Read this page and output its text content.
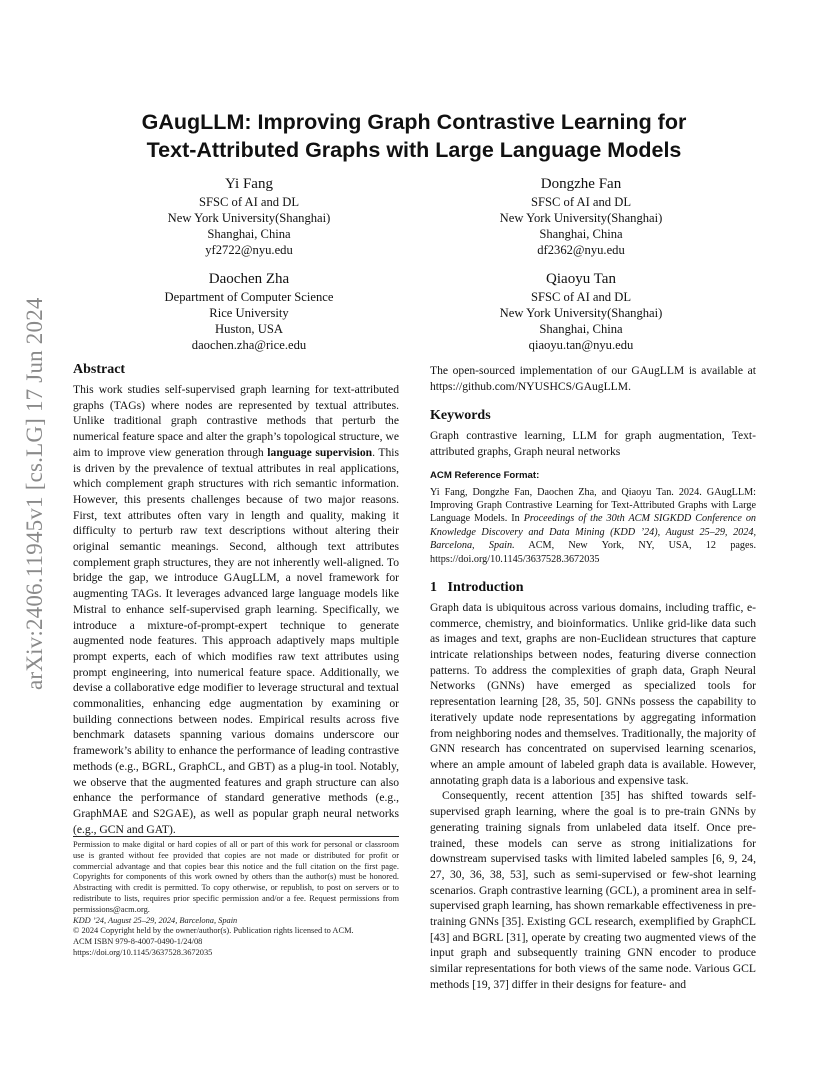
arXiv:2406.11945v1 [cs.LG] 17 Jun 2024
GAugLLM: Improving Graph Contrastive Learning for
Text-Attributed Graphs with Large Language Models
Yi Fang
SFSC of AI and DL
New York University(Shanghai)
Shanghai, China
yf2722@nyu.edu
Dongzhe Fan
SFSC of AI and DL
New York University(Shanghai)
Shanghai, China
df2362@nyu.edu
Daochen Zha
Department of Computer Science
Rice University
Huston, USA
daochen.zha@rice.edu
Qiaoyu Tan
SFSC of AI and DL
New York University(Shanghai)
Shanghai, China
qiaoyu.tan@nyu.edu
Abstract

This work studies self-supervised graph learning for text-attributed graphs (TAGs) where nodes are represented by textual attributes. Unlike traditional graph contrastive methods that perturb the numerical feature space and alter the graph’s topological structure, we aim to improve view generation through language supervision. This is driven by the prevalence of textual attributes in real applications, which complement graph structures with rich semantic information. However, this presents challenges because of two major reasons. First, text attributes often vary in length and quality, making it difficulty to perturb raw text descriptions without altering their original semantic meanings. Second, although text attributes complement graph structures, they are not inherently well-aligned. To bridge the gap, we introduce GAugLLM, a novel framework for augmenting TAGs. It leverages advanced large language models like Mistral to enhance self-supervised graph learning. Specifically, we introduce a mixture-of-prompt-expert technique to generate augmented node features. This approach adaptively maps multiple prompt experts, each of which modifies raw text attributes using prompt engineering, into numerical feature space. Additionally, we devise a collaborative edge modifier to leverage structural and textual commonalities, enhancing edge augmentation by examining or building connections between nodes. Empirical results across five benchmark datasets spanning various domains underscore our framework’s ability to enhance the performance of leading contrastive methods (e.g., BGRL, GraphCL, and GBT) as a plug-in tool. Notably, we observe that the augmented features and graph structure can also enhance the performance of standard generative methods (e.g., GraphMAE and S2GAE), as well as popular graph neural networks (e.g., GCN and GAT).

Permission to make digital or hard copies of all or part of this work for personal or classroom use is granted without fee provided that copies are not made or distributed for profit or commercial advantage and that copies bear this notice and the full citation on the first page. Copyrights for components of this work owned by others than the author(s) must be honored. Abstracting with credit is permitted. To copy otherwise, or republish, to post on servers or to redistribute to lists, requires prior specific permission and/or a fee. Request permissions from permissions@acm.org.

KDD ’24, August 25–29, 2024, Barcelona, Spain

© 2024 Copyright held by the owner/author(s). Publication rights licensed to ACM.

ACM ISBN 979-8-4007-0490-1/24/08

https://doi.org/10.1145/3637528.3672035

The open-sourced implementation of our GAugLLM is available at https://github.com/NYUSHCS/GAugLLM.

Keywords

Graph contrastive learning, LLM for graph augmentation, Text-attributed graphs, Graph neural networks

ACM Reference Format:

Yi Fang, Dongzhe Fan, Daochen Zha, and Qiaoyu Tan. 2024. GAugLLM: Improving Graph Contrastive Learning for Text-Attributed Graphs with Large Language Models. In Proceedings of the 30th ACM SIGKDD Conference on Knowledge Discovery and Data Mining (KDD ’24), August 25–29, 2024, Barcelona, Spain. ACM, New York, NY, USA, 12 pages. https://doi.org/10.1145/3637528.3672035

1   Introduction

Graph data is ubiquitous across various domains, including traffic, e-commerce, chemistry, and bioinformatics. Unlike grid-like data such as images and text, graphs are non-Euclidean structures that capture intricate relationships between nodes, featuring diverse connection patterns. To address the complexities of graph data, Graph Neural Networks (GNNs) have emerged as specialized tools for representation learning [28, 35, 50]. GNNs possess the capability to iteratively update node representations by aggregating information from neighboring nodes and themselves. Traditionally, the majority of GNN research has concentrated on supervised learning scenarios, where an ample amount of labeled graph data is available. However, annotating graph data is a laborious and expensive task.

Consequently, recent attention [35] has shifted towards self-supervised graph learning, where the goal is to pre-train GNNs by generating training signals from unlabeled data itself. Once pre-trained, these models can serve as strong initializations for downstream supervised tasks with limited labeled samples [6, 9, 24, 27, 30, 36, 38, 53], such as semi-supervised or few-shot learning scenarios. Graph contrastive learning (GCL), a prominent area in self-supervised graph learning, has shown remarkable effectiveness in pre-training GNNs [35]. Existing GCL research, exemplified by GraphCL [43] and BGRL [31], operate by creating two augmented views of the input graph and subsequently training GNN encoder to produce similar representations for both views of the same node. Various GCL methods [19, 37] differ in their designs for feature- and
